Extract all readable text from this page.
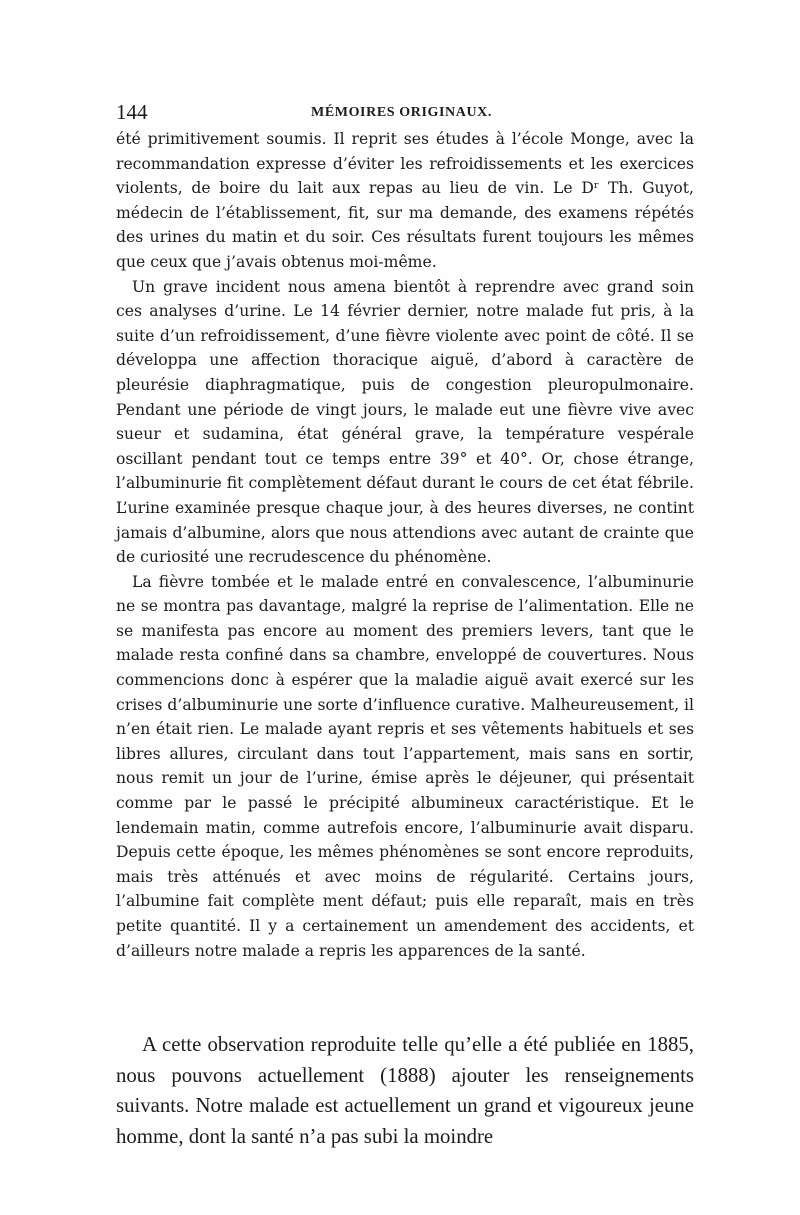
144	MÉMOIRES ORIGINAUX.

été primitivement soumis. Il reprit ses études à l’école Monge, avec la recommandation expresse d’éviter les refroidissements et les exercices violents, de boire du lait aux repas au lieu de vin. Le Dʳ Th. Guyot, médecin de l’établissement, fit, sur ma demande, des examens répétés des urines du matin et du soir. Ces résultats furent toujours les mêmes que ceux que j’avais obtenus moi-même.

Un grave incident nous amena bientôt à reprendre avec grand soin ces analyses d’urine. Le 14 février dernier, notre malade fut pris, à la suite d’un refroidissement, d’une fièvre violente avec point de côté. Il se développa une affection thoracique aiguë, d’abord à caractère de pleurésie diaphragmatique, puis de congestion pleuropulmonaire. Pendant une période de vingt jours, le malade eut une fièvre vive avec sueur et sudamina, état général grave, la température vespérale oscillant pendant tout ce temps entre 39° et 40°. Or, chose étrange, l’albuminurie fit complètement défaut durant le cours de cet état fébrile. L’urine examinée presque chaque jour, à des heures diverses, ne contint jamais d’albumine, alors que nous attendions avec autant de crainte que de curiosité une recrudescence du phénomène.

La fièvre tombée et le malade entré en convalescence, l’albuminurie ne se montra pas davantage, malgré la reprise de l’alimentation. Elle ne se manifesta pas encore au moment des premiers levers, tant que le malade resta confiné dans sa chambre, enveloppé de couvertures. Nous commencions donc à espérer que la maladie aiguë avait exercé sur les crises d’albuminurie une sorte d’influence curative. Malheureusement, il n’en était rien. Le malade ayant repris et ses vêtements habituels et ses libres allures, circulant dans tout l’appartement, mais sans en sortir, nous remit un jour de l’urine, émise après le déjeuner, qui présentait comme par le passé le précipité albumineux caractéristique. Et le lendemain matin, comme autrefois encore, l’albuminurie avait disparu. Depuis cette époque, les mêmes phénomènes se sont encore reproduits, mais très atténués et avec moins de régularité. Certains jours, l’albumine fait complète ment défaut; puis elle reparaît, mais en très petite quantité. Il y a certainement un amendement des accidents, et d’ailleurs notre malade a repris les apparences de la santé.

A cette observation reproduite telle qu’elle a été publiée en 1885, nous pouvons actuellement (1888) ajouter les renseignements suivants. Notre malade est actuellement un grand et vigoureux jeune homme, dont la santé n’a pas subi la moindre
